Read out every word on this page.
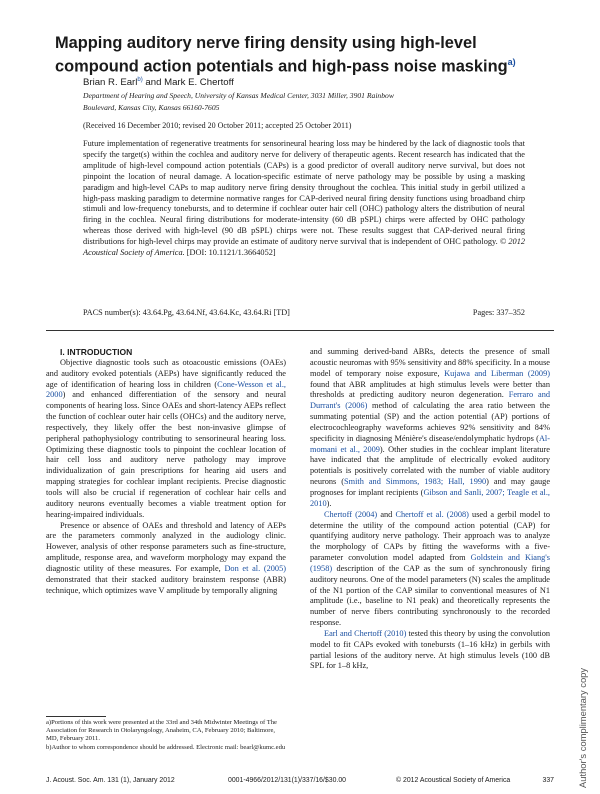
Mapping auditory nerve firing density using high-level compound action potentials and high-pass noise masking$^{a)}$
Brian R. Earl$^{b)}$ and Mark E. Chertoff
Department of Hearing and Speech, University of Kansas Medical Center, 3031 Miller, 3901 Rainbow
Boulevard, Kansas City, Kansas 66160-7605
(Received 16 December 2010; revised 20 October 2011; accepted 25 October 2011)
Future implementation of regenerative treatments for sensorineural hearing loss may be hindered by the lack of diagnostic tools that specify the target(s) within the cochlea and auditory nerve for delivery of therapeutic agents. Recent research has indicated that the amplitude of high-level compound action potentials (CAPs) is a good predictor of overall auditory nerve survival, but does not pinpoint the location of neural damage. A location-specific estimate of nerve pathology may be possible by using a masking paradigm and high-level CAPs to map auditory nerve firing density throughout the cochlea. This initial study in gerbil utilized a high-pass masking paradigm to determine normative ranges for CAP-derived neural firing density functions using broadband chirp stimuli and low-frequency tonebursts, and to determine if cochlear outer hair cell (OHC) pathology alters the distribution of neural firing in the cochlea. Neural firing distributions for moderate-intensity (60 dB pSPL) chirps were affected by OHC pathology whereas those derived with high-level (90 dB pSPL) chirps were not. These results suggest that CAP-derived neural firing distributions for high-level chirps may provide an estimate of auditory nerve survival that is independent of OHC pathology. © 2012 Acoustical Society of America. [DOI: 10.1121/1.3664052]
PACS number(s): 43.64.Pg, 43.64.Nf, 43.64.Kc, 43.64.Ri [TD]	Pages: 337–352

I. INTRODUCTION

Objective diagnostic tools such as otoacoustic emissions (OAEs) and auditory evoked potentials (AEPs) have significantly reduced the age of identification of hearing loss in children (Cone-Wesson et al., 2000) and enhanced differentiation of the sensory and neural components of hearing loss. Since OAEs and short-latency AEPs reflect the function of cochlear outer hair cells (OHCs) and the auditory nerve, respectively, they likely offer the best non-invasive glimpse of peripheral pathophysiology contributing to sensorineural hearing loss. Optimizing these diagnostic tools to pinpoint the cochlear location of hair cell loss and auditory nerve pathology may improve individualization of gain prescriptions for hearing aid users and mapping strategies for cochlear implant recipients. Precise diagnostic tools will also be crucial if regeneration of cochlear hair cells and auditory neurons eventually becomes a viable treatment option for hearing-impaired individuals.

Presence or absence of OAEs and threshold and latency of AEPs are the parameters commonly analyzed in the audiology clinic. However, analysis of other response parameters such as fine-structure, amplitude, response area, and waveform morphology may expand the diagnostic utility of these measures. For example, Don et al. (2005) demonstrated that their stacked auditory brainstem response (ABR) technique, which optimizes wave V amplitude by temporally aligning

and summing derived-band ABRs, detects the presence of small acoustic neuromas with 95% sensitivity and 88% specificity. In a mouse model of temporary noise exposure, Kujawa and Liberman (2009) found that ABR amplitudes at high stimulus levels were better than thresholds at predicting auditory neuron degeneration. Ferraro and Durrant's (2006) method of calculating the area ratio between the summating potential (SP) and the action potential (AP) portions of electrocochleography waveforms achieves 92% sensitivity and 84% specificity in diagnosing Ménière's disease/endolymphatic hydrops (Al-momani et al., 2009). Other studies in the cochlear implant literature have indicated that the amplitude of electrically evoked auditory potentials is positively correlated with the number of viable auditory neurons (Smith and Simmons, 1983; Hall, 1990) and may gauge prognoses for implant recipients (Gibson and Sanli, 2007; Teagle et al., 2010).

Chertoff (2004) and Chertoff et al. (2008) used a gerbil model to determine the utility of the compound action potential (CAP) for quantifying auditory nerve pathology. Their approach was to analyze the morphology of CAPs by fitting the waveforms with a five-parameter convolution model adapted from Goldstein and Kiang's (1958) description of the CAP as the sum of synchronously firing auditory neurons. One of the model parameters (N) scales the amplitude of the N1 portion of the CAP similar to conventional measures of N1 amplitude (i.e., baseline to N1 peak) and theoretically represents the number of nerve fibers contributing synchronously to the recorded response.

Earl and Chertoff (2010) tested this theory by using the convolution model to fit CAPs evoked with tonebursts (1–16 kHz) in gerbils with partial lesions of the auditory nerve. At high stimulus levels (100 dB SPL for 1–8 kHz,

a)Portions of this work were presented at the 33rd and 34th Midwinter Meetings of The Association for Research in Otolaryngology, Anaheim, CA, February 2010; Baltimore, MD, February 2011.

b)Author to whom correspondence should be addressed. Electronic mail: bearl@kumc.edu

J. Acoust. Soc. Am. 131 (1), January 2012	0001-4966/2012/131(1)/337/16/$30.00	© 2012 Acoustical Society of America	337 Author's complimentary copy
